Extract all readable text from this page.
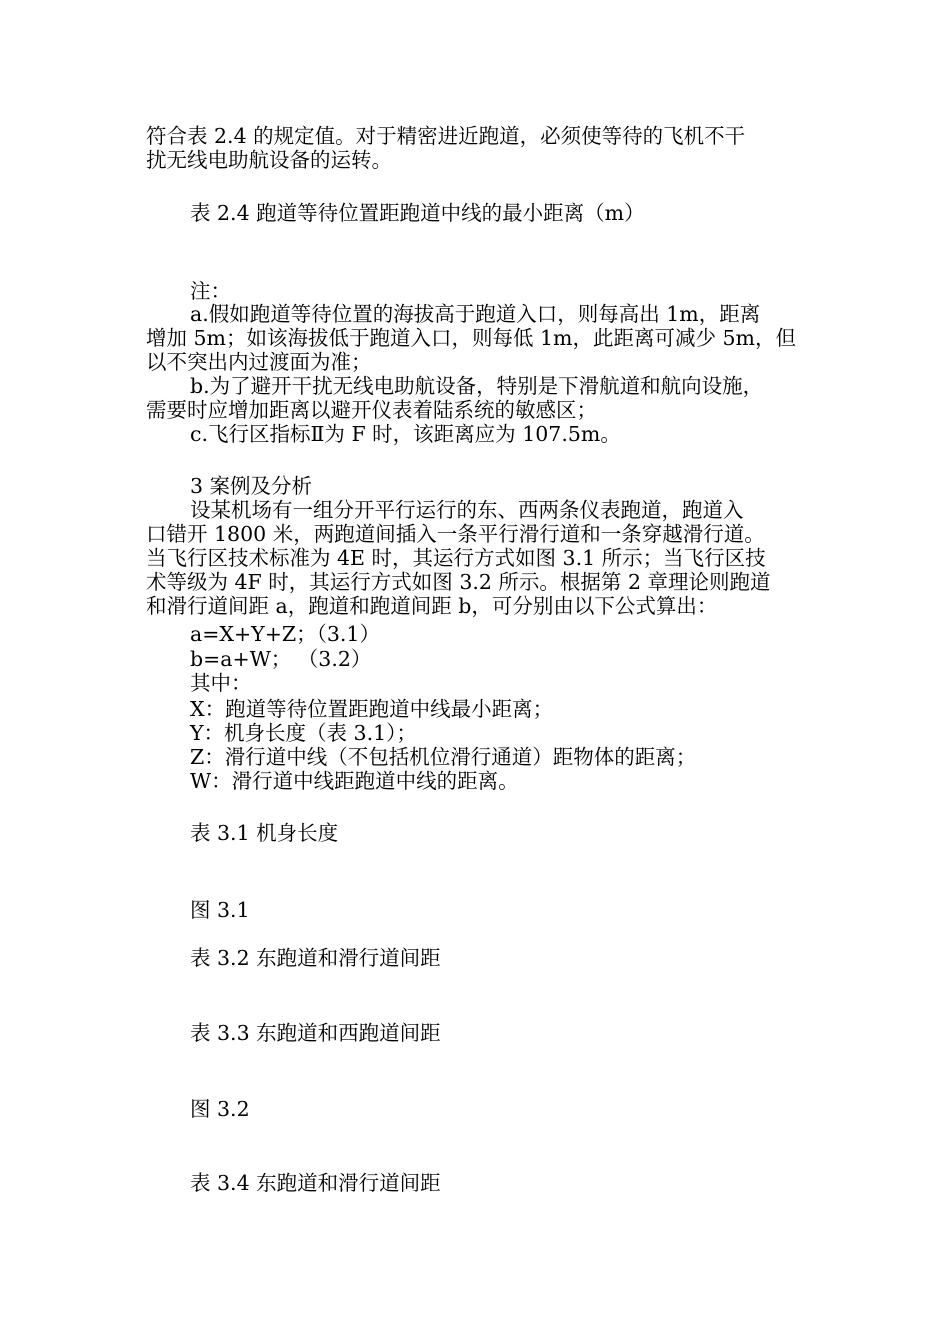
符合表 2.4 的规定值。对于精密进近跑道，必须使等待的飞机不干
扰无线电助航设备的运转。
表 2.4 跑道等待位置距跑道中线的最小距离（m）
注：
a.假如跑道等待位置的海拔高于跑道入口，则每高出 1m，距离
增加 5m；如该海拔低于跑道入口，则每低 1m，此距离可减少 5m，但
以不突出内过渡面为准；
b.为了避开干扰无线电助航设备，特别是下滑航道和航向设施，
需要时应增加距离以避开仪表着陆系统的敏感区；
c.飞行区指标Ⅱ为 F 时，该距离应为 107.5m。
3 案例及分析
设某机场有一组分开平行运行的东、西两条仪表跑道，跑道入
口错开 1800 米，两跑道间插入一条平行滑行道和一条穿越滑行道。
当飞行区技术标准为 4E 时，其运行方式如图 3.1 所示；当飞行区技
术等级为 4F 时，其运行方式如图 3.2 所示。根据第 2 章理论则跑道
和滑行道间距 a，跑道和跑道间距 b，可分别由以下公式算出：
a=X+Y+Z；（3.1）
b=a+W； （3.2）
其中：
X：跑道等待位置距跑道中线最小距离；
Y：机身长度（表 3.1）；
Z：滑行道中线（不包括机位滑行通道）距物体的距离；
W：滑行道中线距跑道中线的距离。
表 3.1 机身长度
图 3.1
表 3.2 东跑道和滑行道间距
表 3.3 东跑道和西跑道间距
图 3.2
表 3.4 东跑道和滑行道间距
